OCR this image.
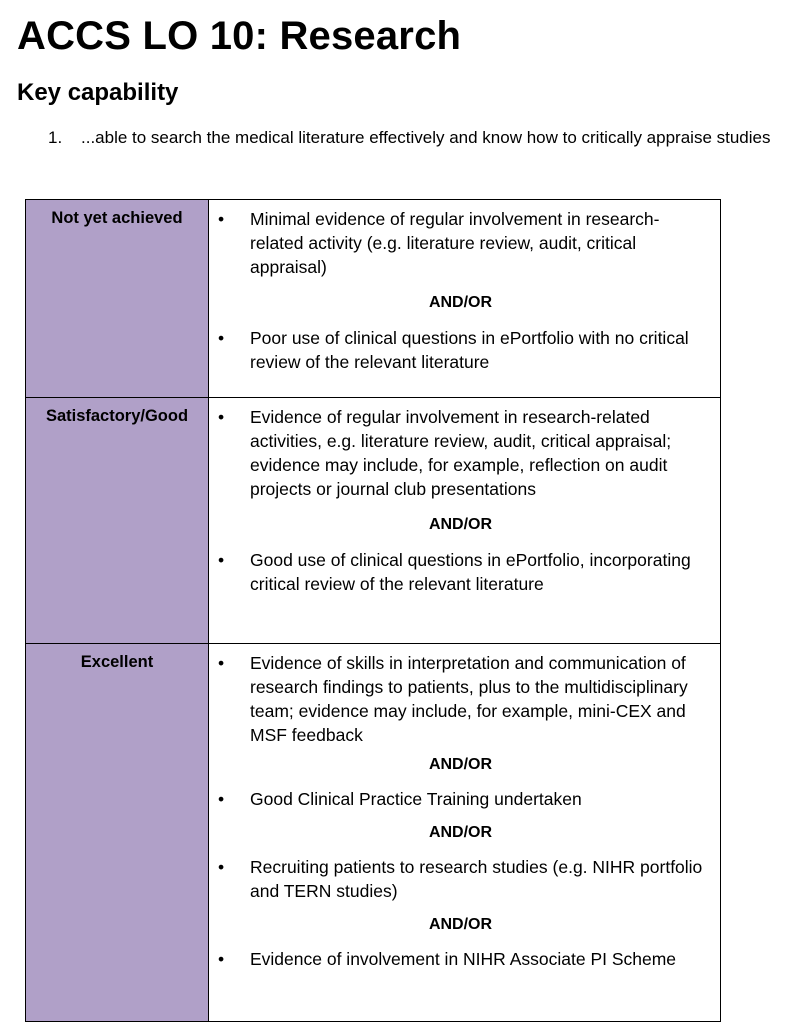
ACCS LO 10: Research
Key capability
1. ...able to search the medical literature effectively and know how to critically appraise studies
Not yet achieved	• Minimal evidence of regular involvement in research-related activity (e.g. literature review, audit, critical appraisal)
AND/OR
• Poor use of clinical questions in ePortfolio with no critical review of the relevant literature

Satisfactory/Good	• Evidence of regular involvement in research-related activities, e.g. literature review, audit, critical appraisal; evidence may include, for example, reflection on audit projects or journal club presentations
AND/OR
• Good use of clinical questions in ePortfolio, incorporating critical review of the relevant literature

Excellent	• Evidence of skills in interpretation and communication of research findings to patients, plus to the multidisciplinary team; evidence may include, for example, mini-CEX and MSF feedback
AND/OR
• Good Clinical Practice Training undertaken
AND/OR
• Recruiting patients to research studies (e.g. NIHR portfolio and TERN studies)
AND/OR
• Evidence of involvement in NIHR Associate PI Scheme
